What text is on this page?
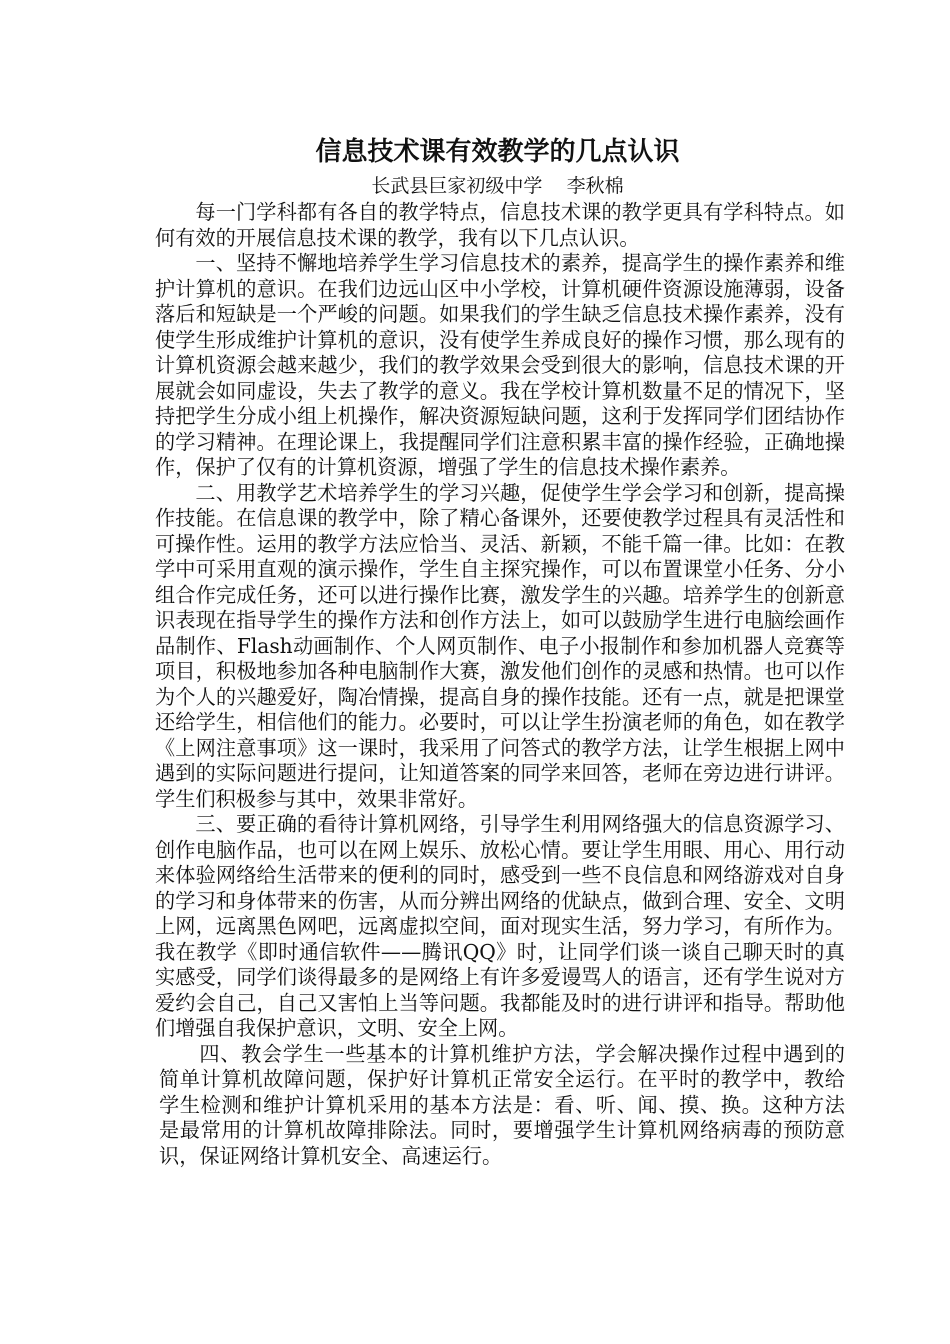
信息技术课有效教学的几点认识
长武县巨家初级中学    李秋棉

每一门学科都有各自的教学特点，信息技术课的教学更具有学科特点。如何有效的开展信息技术课的教学，我有以下几点认识。

一、坚持不懈地培养学生学习信息技术的素养，提高学生的操作素养和维护计算机的意识。在我们边远山区中小学校，计算机硬件资源设施薄弱，设备落后和短缺是一个严峻的问题。如果我们的学生缺乏信息技术操作素养，没有使学生形成维护计算机的意识，没有使学生养成良好的操作习惯，那么现有的计算机资源会越来越少，我们的教学效果会受到很大的影响，信息技术课的开展就会如同虚设，失去了教学的意义。我在学校计算机数量不足的情况下，坚持把学生分成小组上机操作，解决资源短缺问题，这利于发挥同学们团结协作的学习精神。在理论课上，我提醒同学们注意积累丰富的操作经验，正确地操作，保护了仅有的计算机资源，增强了学生的信息技术操作素养。

二、用教学艺术培养学生的学习兴趣，促使学生学会学习和创新，提高操作技能。在信息课的教学中，除了精心备课外，还要使教学过程具有灵活性和可操作性。运用的教学方法应恰当、灵活、新颖，不能千篇一律。比如：在教学中可采用直观的演示操作，学生自主探究操作，可以布置课堂小任务、分小组合作完成任务，还可以进行操作比赛，激发学生的兴趣。培养学生的创新意识表现在指导学生的操作方法和创作方法上，如可以鼓励学生进行电脑绘画作品制作、Flash动画制作、个人网页制作、电子小报制作和参加机器人竞赛等项目，积极地参加各种电脑制作大赛，激发他们创作的灵感和热情。也可以作为个人的兴趣爱好，陶冶情操，提高自身的操作技能。还有一点，就是把课堂还给学生，相信他们的能力。必要时，可以让学生扮演老师的角色，如在教学《上网注意事项》这一课时，我采用了问答式的教学方法，让学生根据上网中遇到的实际问题进行提问，让知道答案的同学来回答，老师在旁边进行讲评。学生们积极参与其中，效果非常好。

三、要正确的看待计算机网络，引导学生利用网络强大的信息资源学习、创作电脑作品，也可以在网上娱乐、放松心情。要让学生用眼、用心、用行动来体验网络给生活带来的便利的同时，感受到一些不良信息和网络游戏对自身的学习和身体带来的伤害，从而分辨出网络的优缺点，做到合理、安全、文明上网，远离黑色网吧，远离虚拟空间，面对现实生活，努力学习，有所作为。我在教学《即时通信软件——腾讯QQ》时，让同学们谈一谈自己聊天时的真实感受，同学们谈得最多的是网络上有许多爱谩骂人的语言，还有学生说对方爱约会自己，自己又害怕上当等问题。我都能及时的进行讲评和指导。帮助他们增强自我保护意识，文明、安全上网。

四、教会学生一些基本的计算机维护方法，学会解决操作过程中遇到的简单计算机故障问题，保护好计算机正常安全运行。在平时的教学中，教给学生检测和维护计算机采用的基本方法是：看、听、闻、摸、换。这种方法是最常用的计算机故障排除法。同时，要增强学生计算机网络病毒的预防意识，保证网络计算机安全、高速运行。
